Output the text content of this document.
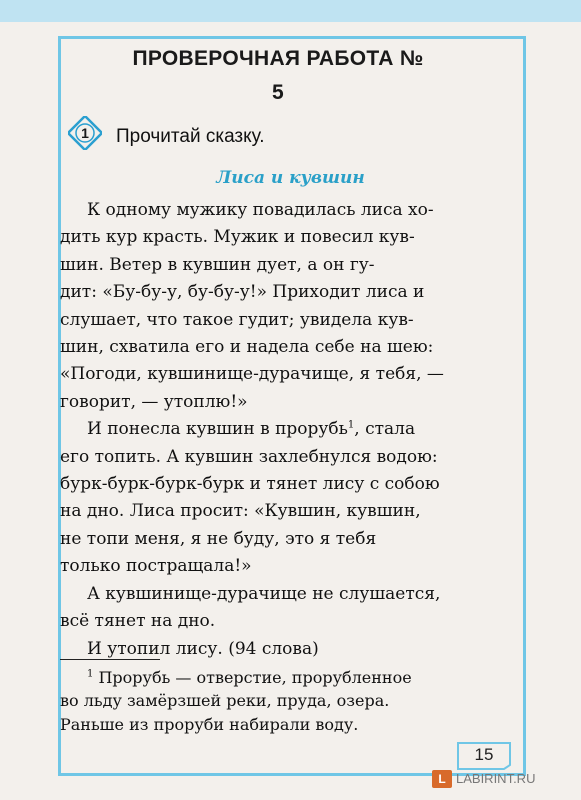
ПРОВЕРОЧНАЯ РАБОТА № 5
1 Прочитай сказку.
Лиса и кувшин
К одному мужику повадилась лиса хо-
дить кур красть. Мужик и повесил кув-
шин. Ветер в кувшин дует, а он гу-
дит: «Бу-бу-у, бу-бу-у!» Приходит лиса и
слушает, что такое гудит; увидела кув-
шин, схватила его и надела себе на шею:
«Погоди, кувшинище-дурачище, я тебя, —
говорит, — утоплю!»
И понесла кувшин в прорубь$^1$, стала
его топить. А кувшин захлебнулся водою:
бурк-бурк-бурк-бурк и тянет лису с собою
на дно. Лиса просит: «Кувшин, кувшин,
не топи меня, я не буду, это я тебя
только постращала!»
А кувшинище-дурачище не слушается,
всё тянет на дно.
И утопил лису. (94 слова)
$^1$ Прорубь — отверстие, прорубленное
во льду замёрзшей реки, пруда, озера.
Раньше из проруби набирали воду.
15
L LABIRINT.RU
